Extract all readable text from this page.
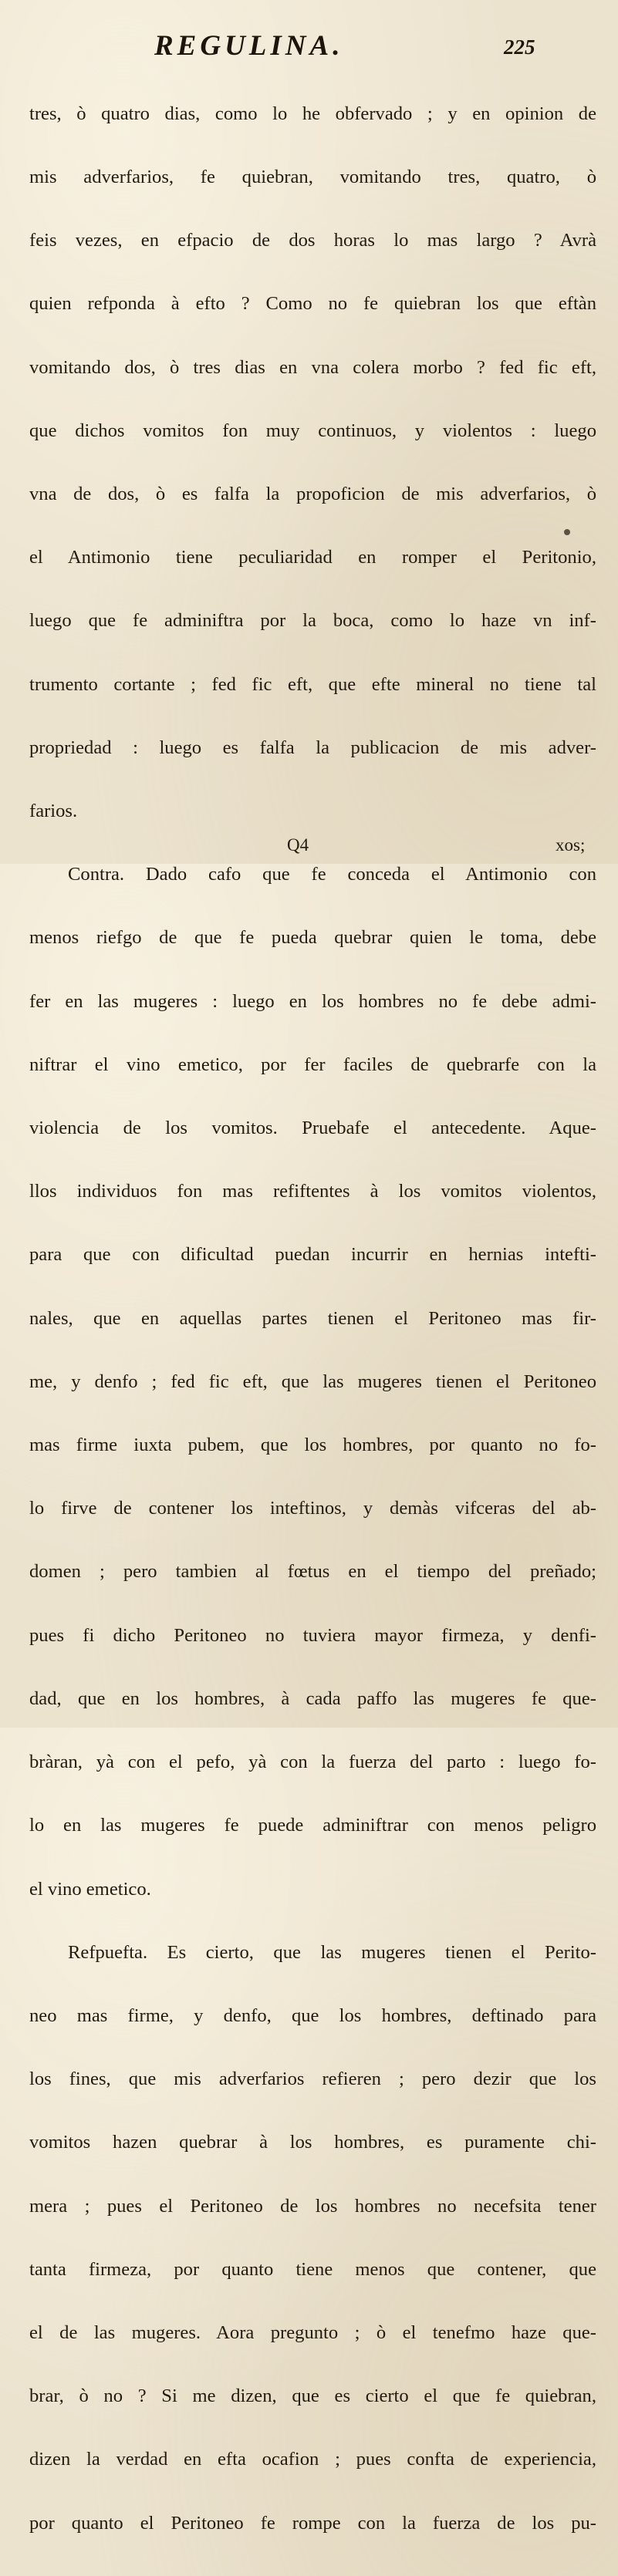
REGULINA.	225

tres, ò quatro dias, como lo he obfervado ; y en opinion de

mis adverfarios, fe quiebran, vomitando tres, quatro, ò

feis vezes, en efpacio de dos horas lo mas largo ? Avrà

quien refponda à efto ? Como no fe quiebran los que eftàn

vomitando dos, ò tres dias en vna colera morbo ? fed fic eft,

que dichos vomitos fon muy continuos, y violentos : luego

vna de dos, ò es falfa la propoficion de mis adverfarios, ò

el Antimonio tiene peculiaridad en romper el Peritonio,

luego que fe adminiftra por la boca, como lo haze vn inf-

trumento cortante ; fed fic eft, que efte mineral no tiene tal

propriedad : luego es falfa la publicacion de mis adver-

farios.

Contra. Dado cafo que fe conceda el Antimonio con

menos riefgo de que fe pueda quebrar quien le toma, debe

fer en las mugeres : luego en los hombres no fe debe admi-

niftrar el vino emetico, por fer faciles de quebrarfe con la

violencia de los vomitos. Pruebafe el antecedente. Aque-

llos individuos fon mas refiftentes à los vomitos violentos,

para que con dificultad puedan incurrir en hernias intefti-

nales, que en aquellas partes tienen el Peritoneo mas fir-

me, y denfo ; fed fic eft, que las mugeres tienen el Peritoneo

mas firme iuxta pubem, que los hombres, por quanto no fo-

lo firve de contener los inteftinos, y demàs vifceras del ab-

domen ; pero tambien al fœtus en el tiempo del preñado;

pues fi dicho Peritoneo no tuviera mayor firmeza, y denfi-

dad, que en los hombres, à cada paffo las mugeres fe que-

bràran, yà con el pefo, yà con la fuerza del parto : luego fo-

lo en las mugeres fe puede adminiftrar con menos peligro

el vino emetico.

Refpuefta. Es cierto, que las mugeres tienen el Perito-

neo mas firme, y denfo, que los hombres, deftinado para

los fines, que mis adverfarios refieren ; pero dezir que los

vomitos hazen quebrar à los hombres, es puramente chi-

mera ; pues el Peritoneo de los hombres no necefsita tener

tanta firmeza, por quanto tiene menos que contener, que

el de las mugeres. Aora pregunto ; ò el tenefmo haze que-

brar, ò no ? Si me dizen, que es cierto el que fe quiebran,

dizen la verdad en efta ocafion ; pues confta de experiencia,

por quanto el Peritoneo fe rompe con la fuerza de los pu-

Q4	xos;
